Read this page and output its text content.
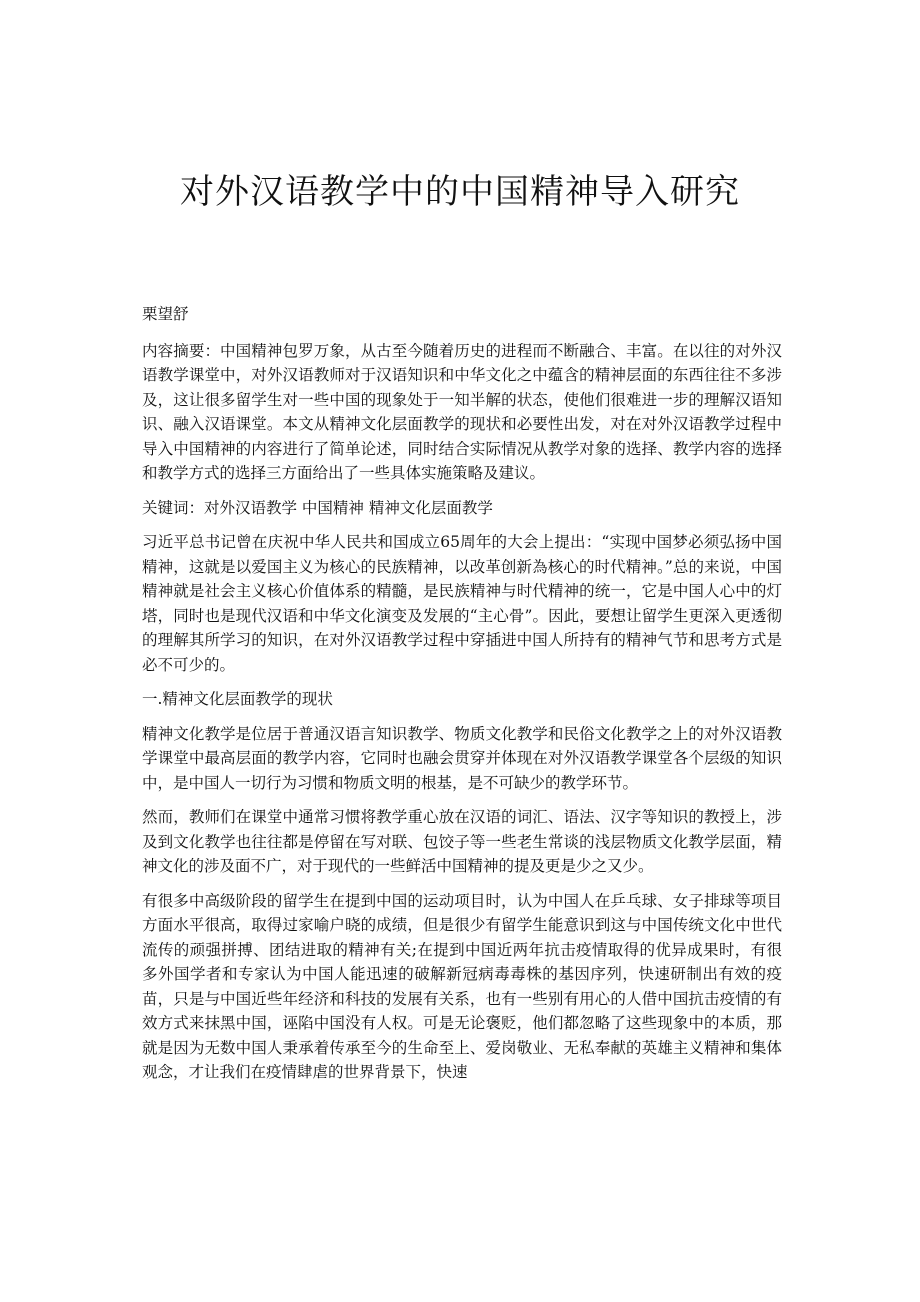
对外汉语教学中的中国精神导入研究

栗望舒

内容摘要：中国精神包罗万象，从古至今随着历史的进程而不断融合、丰富。在以往的对外汉语教学课堂中，对外汉语教师对于汉语知识和中华文化之中蕴含的精神层面的东西往往不多涉及，这让很多留学生对一些中国的现象处于一知半解的状态，使他们很难进一步的理解汉语知识、融入汉语课堂。本文从精神文化层面教学的现状和必要性出发，对在对外汉语教学过程中导入中国精神的内容进行了简单论述，同时结合实际情况从教学对象的选择、教学内容的选择和教学方式的选择三方面给出了一些具体实施策略及建议。

关键词：对外汉语教学 中国精神 精神文化层面教学

习近平总书记曾在庆祝中华人民共和国成立65周年的大会上提出：“实现中国梦必须弘扬中国精神，这就是以爱国主义为核心的民族精神，以改革创新為核心的时代精神。”总的来说，中国精神就是社会主义核心价值体系的精髓，是民族精神与时代精神的统一，它是中国人心中的灯塔，同时也是现代汉语和中华文化演变及发展的“主心骨”。因此，要想让留学生更深入更透彻的理解其所学习的知识，在对外汉语教学过程中穿插进中国人所持有的精神气节和思考方式是必不可少的。

一.精神文化层面教学的现状

精神文化教学是位居于普通汉语言知识教学、物质文化教学和民俗文化教学之上的对外汉语教学课堂中最高层面的教学内容，它同时也融会贯穿并体现在对外汉语教学课堂各个层级的知识中，是中国人一切行为习惯和物质文明的根基，是不可缺少的教学环节。

然而，教师们在课堂中通常习惯将教学重心放在汉语的词汇、语法、汉字等知识的教授上，涉及到文化教学也往往都是停留在写对联、包饺子等一些老生常谈的浅层物质文化教学层面，精神文化的涉及面不广，对于现代的一些鲜活中国精神的提及更是少之又少。

有很多中高级阶段的留学生在提到中国的运动项目时，认为中国人在乒乓球、女子排球等项目方面水平很高，取得过家喻户晓的成绩，但是很少有留学生能意识到这与中国传统文化中世代流传的顽强拼搏、团结进取的精神有关;在提到中国近两年抗击疫情取得的优异成果时，有很多外国学者和专家认为中国人能迅速的破解新冠病毒毒株的基因序列，快速研制出有效的疫苗，只是与中国近些年经济和科技的发展有关系，也有一些别有用心的人借中国抗击疫情的有效方式来抹黑中国，诬陷中国没有人权。可是无论褒贬，他们都忽略了这些现象中的本质，那就是因为无数中国人秉承着传承至今的生命至上、爱岗敬业、无私奉献的英雄主义精神和集体观念，才让我们在疫情肆虐的世界背景下，快速
